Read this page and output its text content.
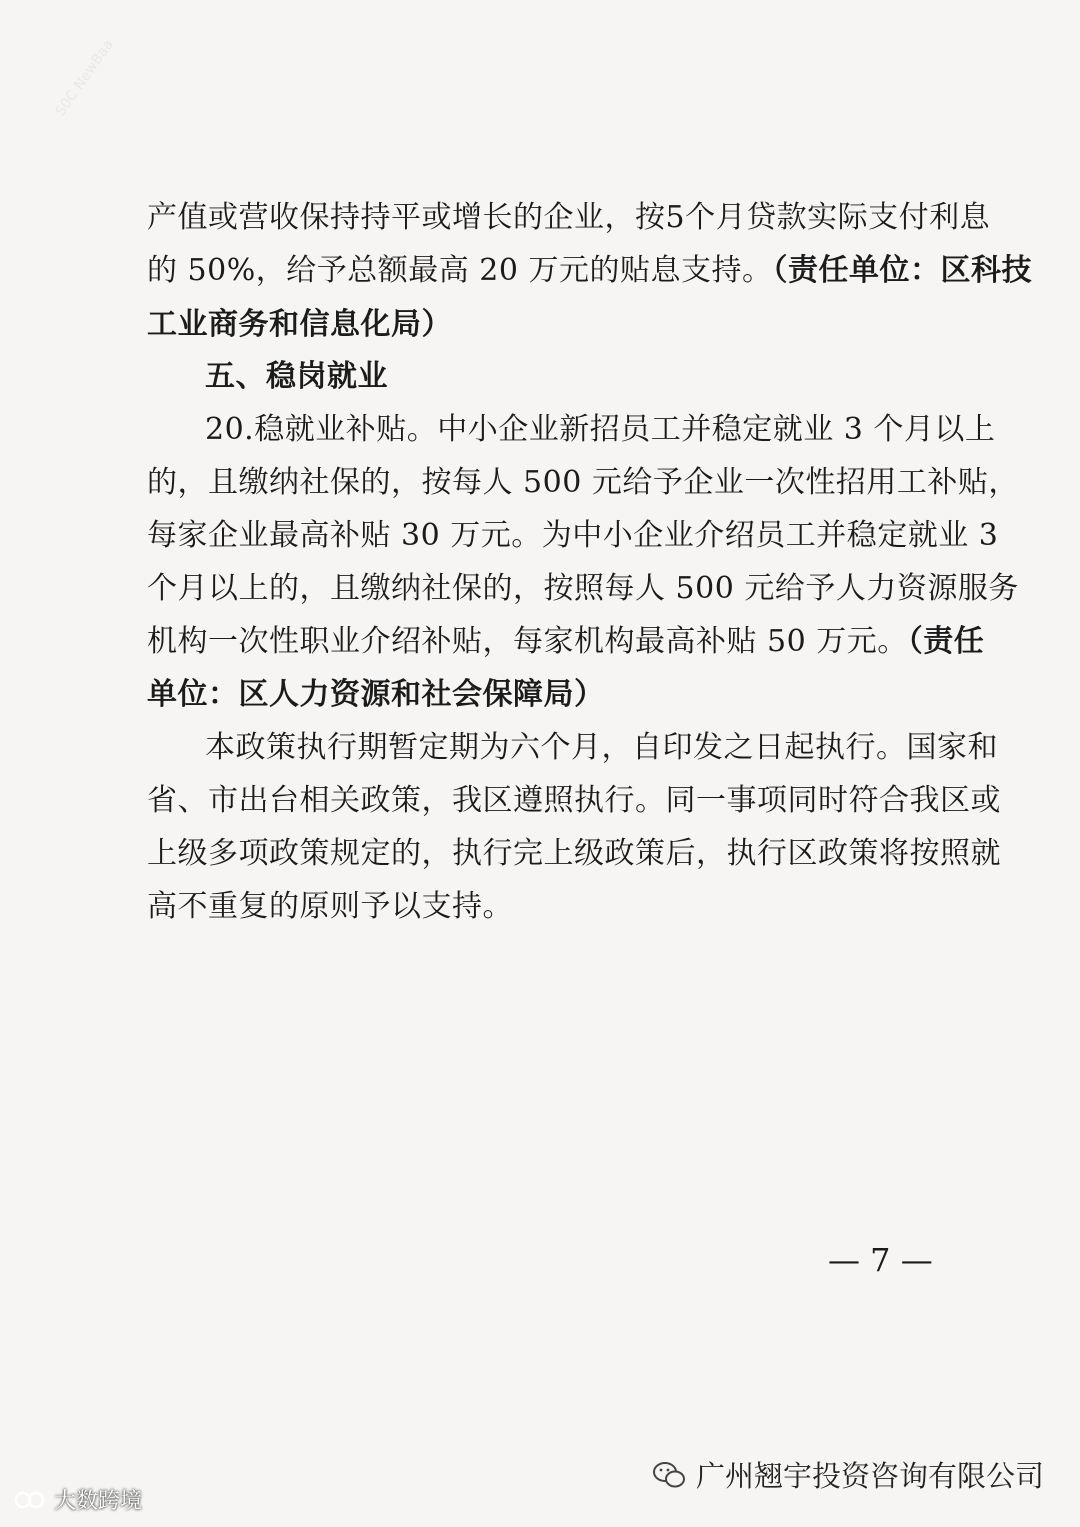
S0C NewBaa
产值或营收保持持平或增长的企业，按5个月贷款实际支付利息
的 50%，给予总额最高 20 万元的贴息支持。（责任单位：区科技
工业商务和信息化局）
五、稳岗就业
20.稳就业补贴。中小企业新招员工并稳定就业 3 个月以上
的，且缴纳社保的，按每人 500 元给予企业一次性招用工补贴，
每家企业最高补贴 30 万元。为中小企业介绍员工并稳定就业 3
个月以上的，且缴纳社保的，按照每人 500 元给予人力资源服务
机构一次性职业介绍补贴，每家机构最高补贴 50 万元。（责任
单位：区人力资源和社会保障局）
本政策执行期暂定期为六个月，自印发之日起执行。国家和
省、市出台相关政策，我区遵照执行。同一事项同时符合我区或
上级多项政策规定的，执行完上级政策后，执行区政策将按照就
高不重复的原则予以支持。
— 7 —
广州翘宇投资咨询有限公司
大数跨境
